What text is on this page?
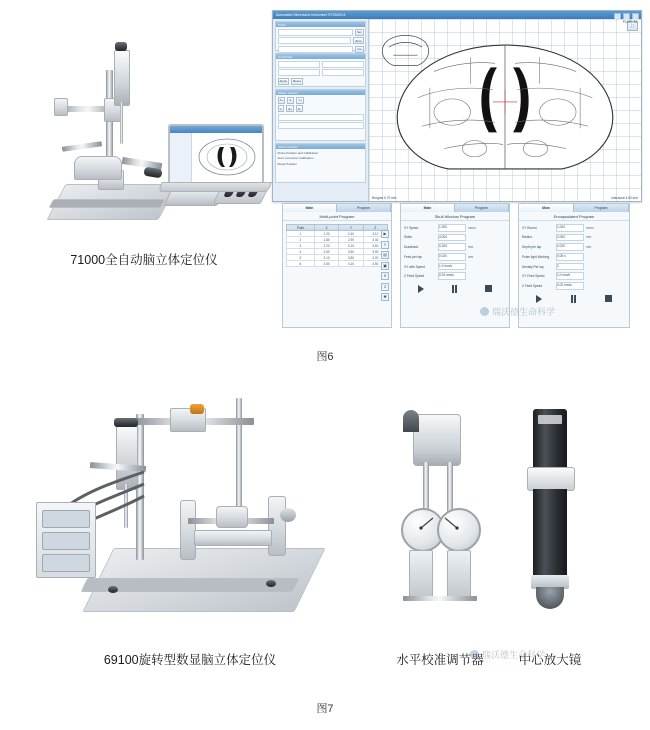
71000全自动脑立体定位仪
Automated Stereotaxic Instrument RTS5000 A
Probe
Set
Zero
Go
Coordinate
Apply	Reset
Motion Control
X+	X-	Y+
Y-	Z+	Z-
Other Function
Probe Position and Calibration
Auto Correction Calibration
Reset Position
⛶
PLATE 33
Bregma 0.70 mm	Interaural 4.60 mm
Main	Program
Multi-point Program
Point	X	Y	Z
1	1.20	2.40	3.10
2	1.80	2.90	3.40
3	2.20	3.10	3.60
4	2.60	3.50	3.90
5	3.10	3.80	4.20
6	3.50	4.10	4.50
▶
≡
▤
▣
✕
↧
✱
Main	Program
Skull Window Program
XY Speed	1.000	mm/s
Sides	4.000
Drawback	0.200	mm
Feed per lap	0.020	mm
XY with Speed	1.0 mm/s
Z Feed Speed	0.02 mm/s
Main	Program
Encapsulated Program
XY Round	1.000	mm/s
Radius	2.000	mm
Depth per lap	0.020	mm
Pulse light Working	0.05 s
Density Per lap	2
XY Feed Speed	1.0 mm/s
Z Feed Speed	0.02 mm/s
瑞沃德生命科学
图6
69100旋转型数显脑立体定位仪	水平校准调节器	中心放大镜
瑞沃德生命科学
图7
